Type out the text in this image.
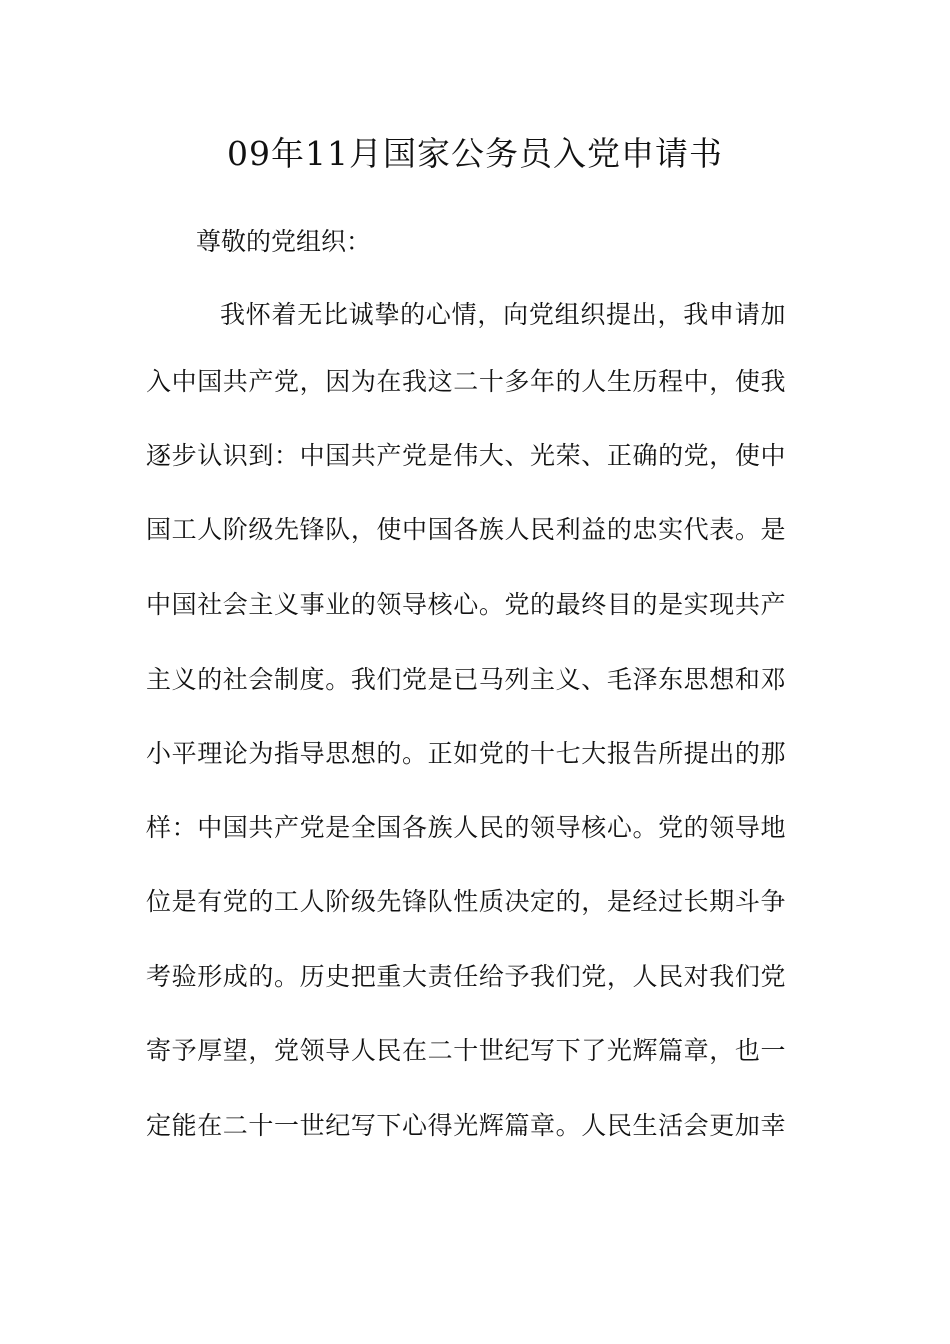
09年11月国家公务员入党申请书

尊敬的党组织：

我怀着无比诚挚的心情，向党组织提出，我申请加

入中国共产党，因为在我这二十多年的人生历程中，使我

逐步认识到：中国共产党是伟大、光荣、正确的党，使中

国工人阶级先锋队，使中国各族人民利益的忠实代表。是

中国社会主义事业的领导核心。党的最终目的是实现共产

主义的社会制度。我们党是已马列主义、毛泽东思想和邓

小平理论为指导思想的。正如党的十七大报告所提出的那

样：中国共产党是全国各族人民的领导核心。党的领导地

位是有党的工人阶级先锋队性质决定的，是经过长期斗争

考验形成的。历史把重大责任给予我们党，人民对我们党

寄予厚望，党领导人民在二十世纪写下了光辉篇章，也一

定能在二十一世纪写下心得光辉篇章。人民生活会更加幸
